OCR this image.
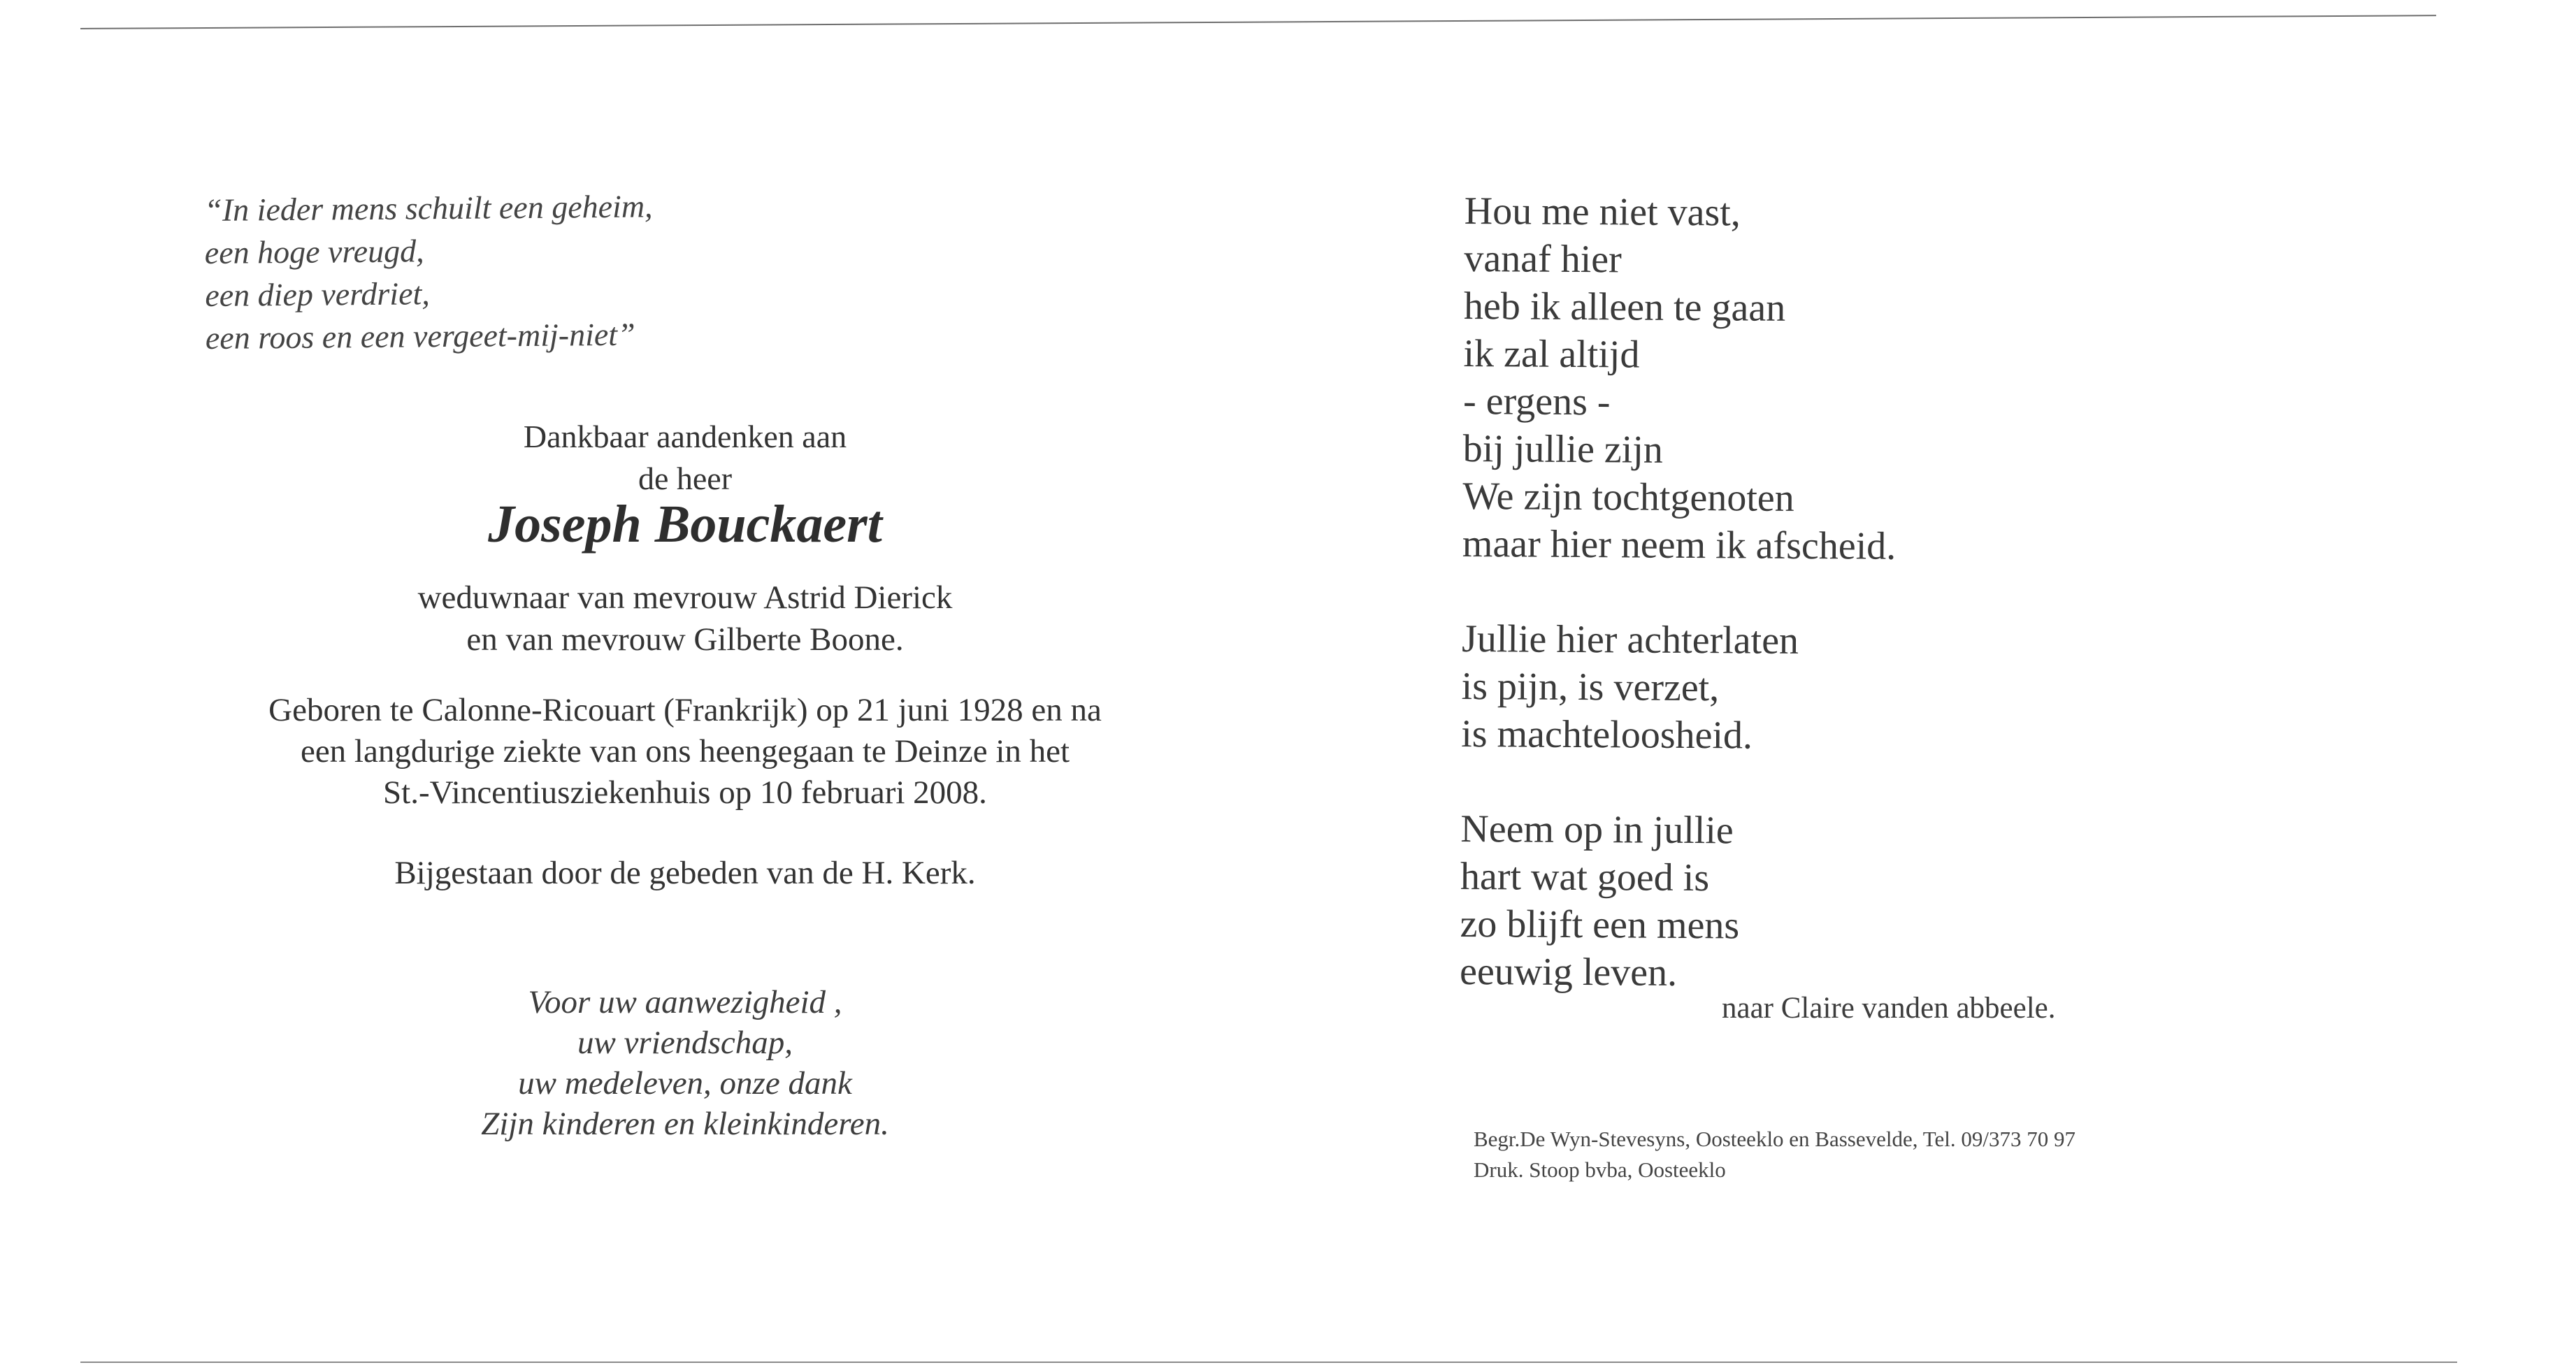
“In ieder mens schuilt een geheim,
een hoge vreugd,
een diep verdriet,
een roos en een vergeet-mij-niet”
Dankbaar aandenken aan
de heer
Joseph Bouckaert
weduwnaar van mevrouw Astrid Dierick
en van mevrouw Gilberte Boone.
Geboren te Calonne-Ricouart (Frankrijk) op 21 juni 1928 en na
een langdurige ziekte van ons heengegaan te Deinze in het
St.-Vincentiusziekenhuis op 10 februari 2008.
Bijgestaan door de gebeden van de H. Kerk.
Voor uw aanwezigheid ,
uw vriendschap,
uw medeleven, onze dank
Zijn kinderen en kleinkinderen.
Hou me niet vast,
vanaf hier
heb ik alleen te gaan
ik zal altijd
- ergens -
bij jullie zijn
We zijn tochtgenoten
maar hier neem ik afscheid.
Jullie hier achterlaten
is pijn, is verzet,
is machteloosheid.
Neem op in jullie
hart wat goed is
zo blijft een mens
eeuwig leven.
naar Claire vanden abbeele.
Begr.De Wyn-Stevesyns, Oosteeklo en Bassevelde, Tel. 09/373 70 97
Druk. Stoop bvba, Oosteeklo
